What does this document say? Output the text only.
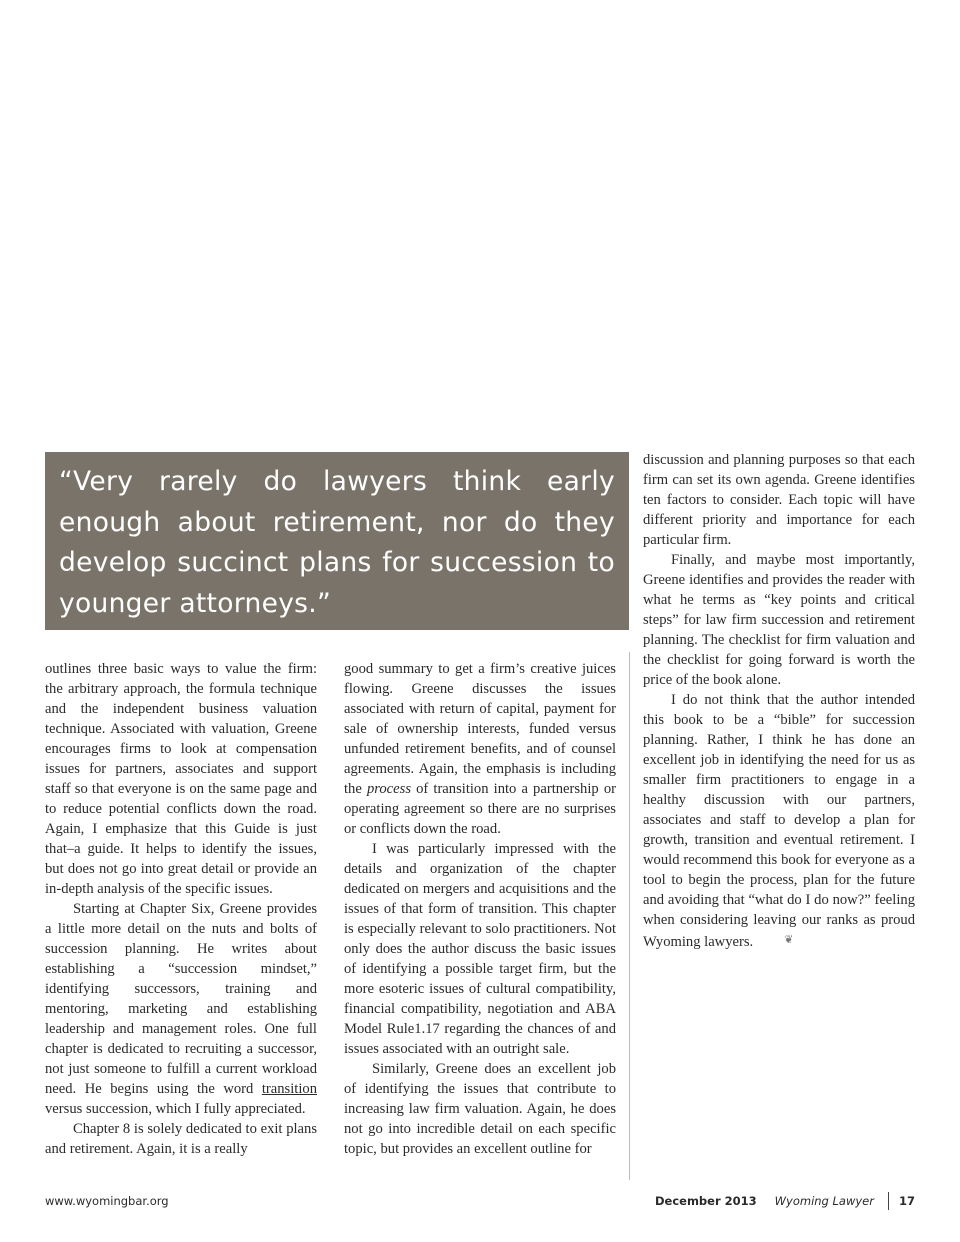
“Very rarely do lawyers think early enough about retirement, nor do they develop succinct plans for succession to younger attorneys.”

outlines three basic ways to value the firm: the arbitrary approach, the formula technique and the independent business valuation technique. Associated with valuation, Greene encourages firms to look at compensation issues for partners, associates and support staff so that everyone is on the same page and to reduce potential conflicts down the road. Again, I emphasize that this Guide is just that–a guide. It helps to identify the issues, but does not go into great detail or provide an in-depth analysis of the specific issues.

Starting at Chapter Six, Greene provides a little more detail on the nuts and bolts of succession planning. He writes about establishing a “succession mindset,” identifying successors, training and mentoring, marketing and establishing leadership and management roles. One full chapter is dedicated to recruiting a successor, not just someone to fulfill a current workload need. He begins using the word transition versus succession, which I fully appreciated.

Chapter 8 is solely dedicated to exit plans and retirement. Again, it is a really

good summary to get a firm’s creative juices flowing. Greene discusses the issues associated with return of capital, payment for sale of ownership interests, funded versus unfunded retirement benefits, and of counsel agreements. Again, the emphasis is including the process of transition into a partnership or operating agreement so there are no surprises or conflicts down the road.

I was particularly impressed with the details and organization of the chapter dedicated on mergers and acquisitions and the issues of that form of transition. This chapter is especially relevant to solo practitioners. Not only does the author discuss the basic issues of identifying a possible target firm, but the more esoteric issues of cultural compatibility, financial compatibility, negotiation and ABA Model Rule1.17 regarding the chances of and issues associated with an outright sale.

Similarly, Greene does an excellent job of identifying the issues that contribute to increasing law firm valuation. Again, he does not go into incredible detail on each specific topic, but provides an excellent outline for

discussion and planning purposes so that each firm can set its own agenda. Greene identifies ten factors to consider. Each topic will have different priority and importance for each particular firm.

Finally, and maybe most importantly, Greene identifies and provides the reader with what he terms as “key points and critical steps” for law firm succession and retirement planning. The checklist for firm valuation and the checklist for going forward is worth the price of the book alone.

I do not think that the author intended this book to be a “bible” for succession planning. Rather, I think he has done an excellent job in identifying the need for us as smaller firm practitioners to engage in a healthy discussion with our partners, associates and staff to develop a plan for growth, transition and eventual retirement. I would recommend this book for everyone as a tool to begin the process, plan for the future and avoiding that “what do I do now?” feeling when considering leaving our ranks as proud Wyoming lawyers.	❦

www.wyomingbar.org	December 2013 Wyoming Lawyer 17
